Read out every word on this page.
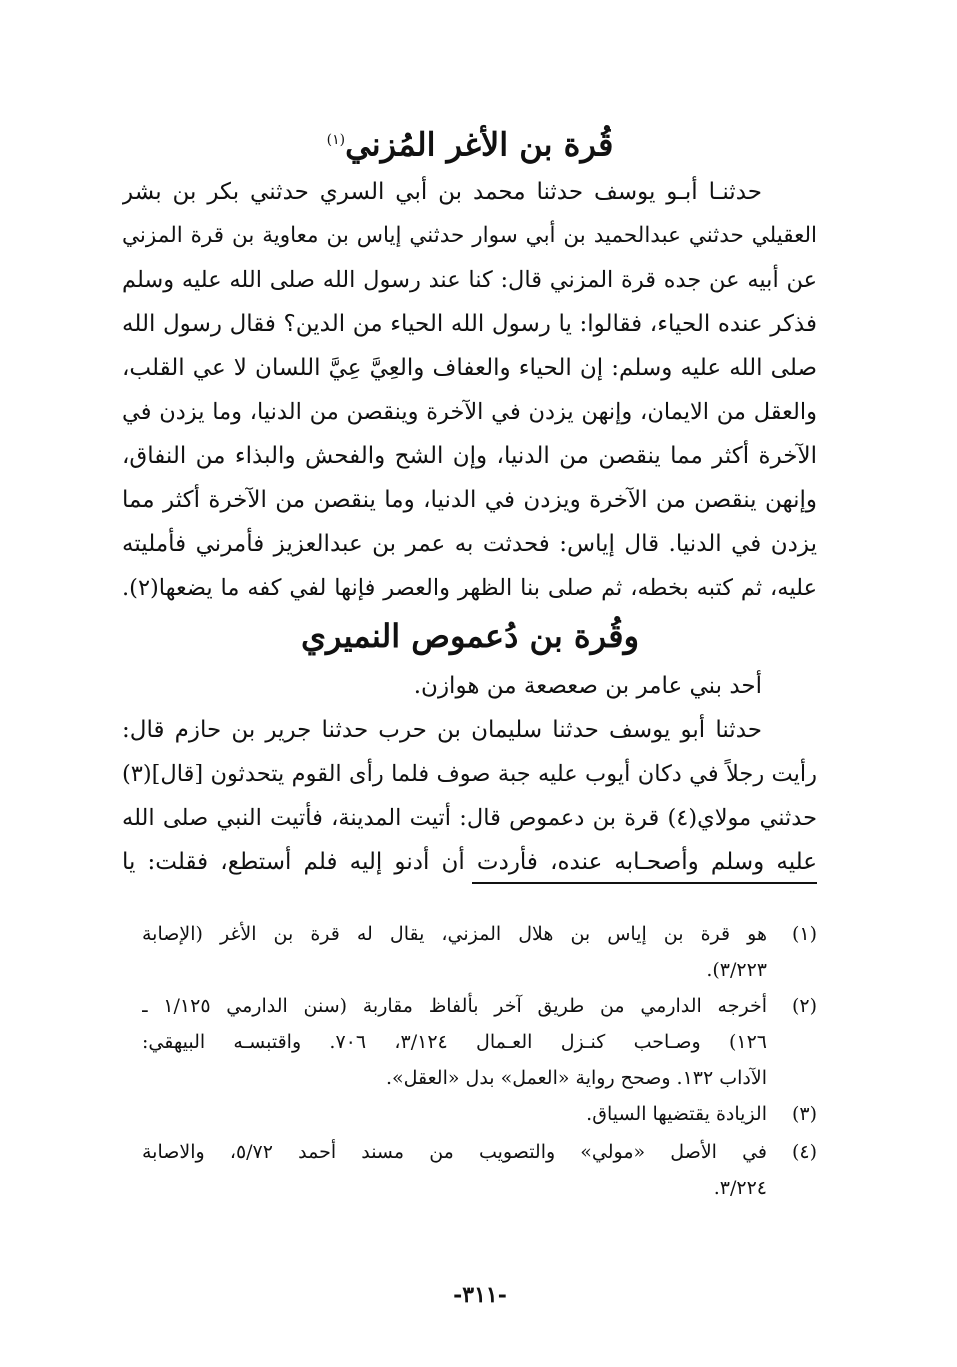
قُرة بن الأغر المُزني$^{(١)}$
حدثنـا أبـو يوسف حدثنا محمد بن أبي السري حدثني بكر بن بشر
العقيلي حدثني عبدالحميد بن أبي سوار حدثني إياس بن معاوية بن قرة المزني
عن أبيه عن جده قرة المزني قال: كنا عند رسول الله صلى الله عليه وسلم
فذكر عنده الحياء، فقالوا: يا رسول الله الحياء من الدين؟ فقال رسول الله
صلى الله عليه وسلم: إن الحياء والعفاف والعِيَّ عِيَّ اللسان لا عي القلب،
والعقل من الايمان، وإنهن يزدن في الآخرة وينقصن من الدنيا، وما يزدن في
الآخرة أكثر مما ينقصن من الدنيا، وإن الشح والفحش والبذاء من النفاق،
وإنهن ينقصن من الآخرة ويزدن في الدنيا، وما ينقصن من الآخرة أكثر مما
يزدن في الدنيا. قال إياس: فحدثت به عمر بن عبدالعزيز فأمرني فأمليته
عليه، ثم كتبه بخطه، ثم صلى بنا الظهر والعصر فإنها لفي كفه ما يضعها(٢).
وقُرة بن دُعموص النميري
أحد بني عامر بن صعصعة من هوازن.
حدثنا أبو يوسف حدثنا سليمان بن حرب حدثنا جرير بن حازم قال:
رأيت رجلاً في دكان أيوب عليه جبة صوف فلما رأى القوم يتحدثون [قال](٣)
حدثني مولاي(٤) قرة بن دعموص قال: أتيت المدينة، فأتيت النبي صلى الله
عليه وسلم وأصحـابه عنده، فأردت أن أدنو إليه فلم أستطع، فقلت: يا
(١)هو قرة بن إياس بن هلال المزني، يقال له قرة بن الأغر (الإصابة
٣/٢٢٣).
(٢)أخرجه الدارمي من طريق آخر بألفاظ مقاربة (سنن الدارمي ١/١٢٥ ـ
١٢٦) وصـاحب كنـزل العـمال ٣/١٢٤، ٧٠٦. واقتبسـه البيهقي:
الآداب ١٣٢. وصحح رواية «العمل» بدل «العقل».
(٣)الزيادة يقتضيها السياق.
(٤)في الأصل «مولي» والتصويب من مسند أحمد ٥/٧٢، والاصابة
٣/٢٢٤.
-٣١١-
